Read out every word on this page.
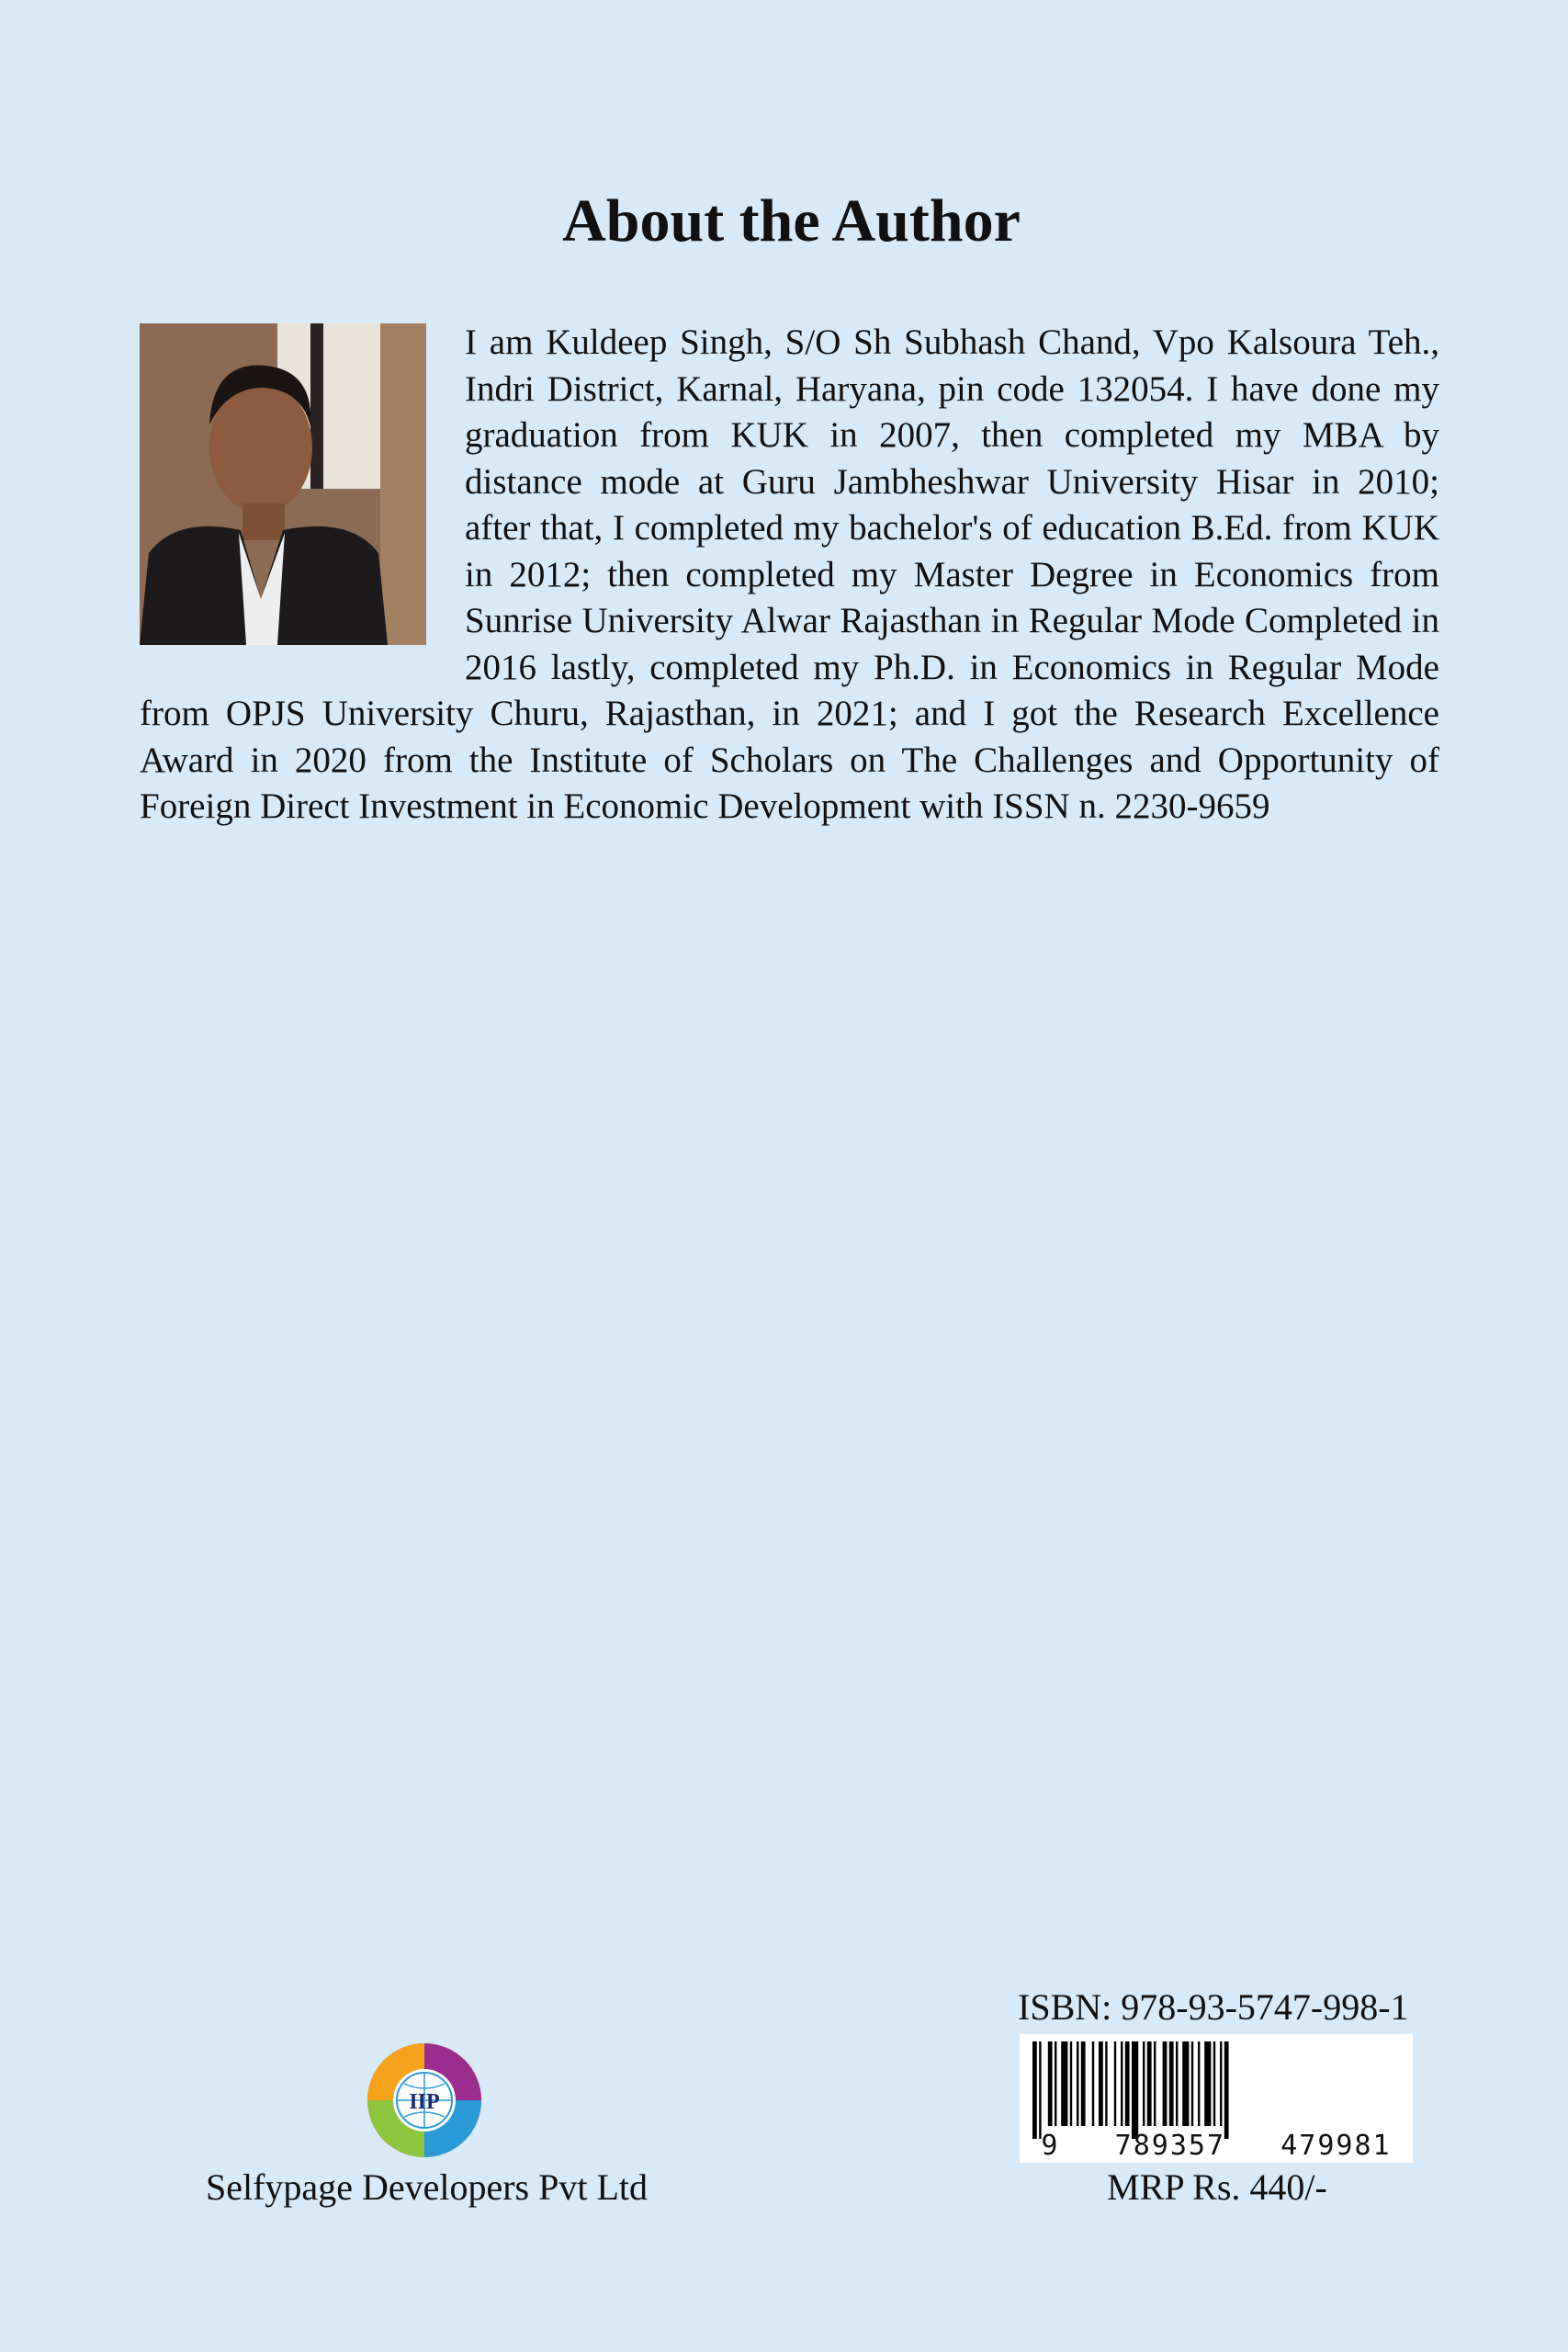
About the Author
I am Kuldeep Singh, S/O Sh Subhash Chand, Vpo Kalsoura Teh., Indri District, Karnal, Haryana, pin code 132054. I have done my graduation from KUK in 2007, then completed my MBA by distance mode at Guru Jambheshwar University Hisar in 2010; after that, I completed my bachelor's of education B.Ed. from KUK in 2012; then completed my Master Degree in Economics from Sunrise University Alwar Rajasthan in Regular Mode Completed in 2016 lastly, completed my Ph.D. in Economics in Regular Mode from OPJS University Churu, Rajasthan, in 2021; and I got the Research Excellence Award in 2020 from the Institute of Scholars on The Challenges and Opportunity of Foreign Direct Investment in Economic Development with ISSN n. 2230-9659
IIP
Selfypage Developers Pvt Ltd
ISBN: 978-93-5747-998-1
9   789357   479981
MRP Rs. 440/-
